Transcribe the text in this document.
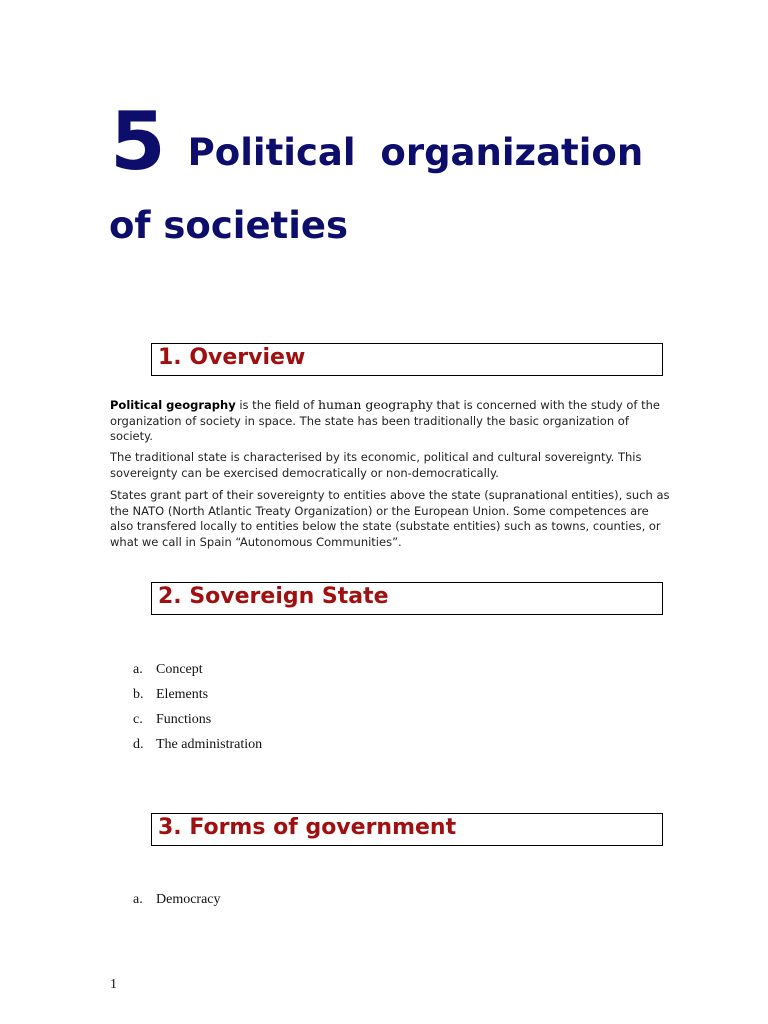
5 Political organization
of societies
1. Overview

Political geography is the field of human geography that is concerned with the study of the organization of society in space. The state has been traditionally the basic organization of society.

The traditional state is characterised by its economic, political and cultural sovereignty. This sovereignty can be exercised democratically or non-democratically.

States grant part of their sovereignty to entities above the state (supranational entities), such as the NATO (North Atlantic Treaty Organization) or the European Union. Some competences are also transfered locally to entities below the state (substate entities) such as towns, counties, or what we call in Spain “Autonomous Communities”.

2. Sovereign State
a. Concept
b. Elements
c. Functions
d. The administration
3. Forms of government
a. Democracy
1
